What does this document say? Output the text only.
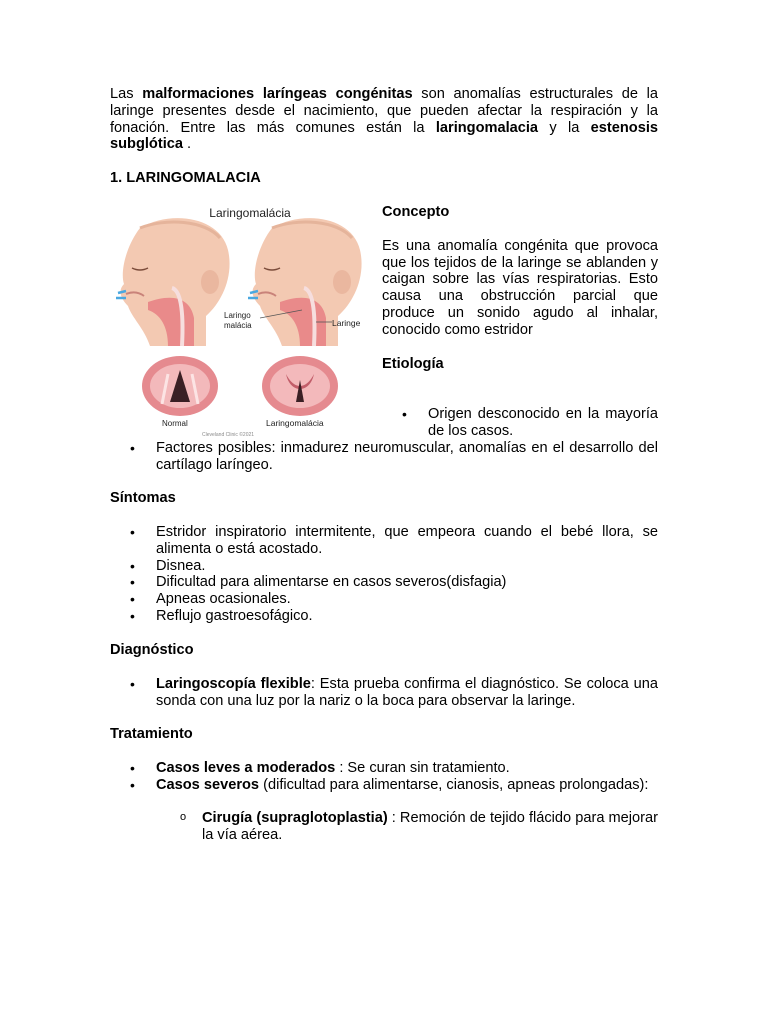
Las malformaciones laríngeas congénitas son anomalías estructurales de la laringe presentes desde el nacimiento, que pueden afectar la respiración y la fonación. Entre las más comunes están la laringomalacia y la estenosis subglótica .

1. LARINGOMALACIA
Laringomalácia
Laringo malácia	Laringe
Normal	Laringomalácia
Cleveland Clinic ©2021

Concepto

Es una anomalía congénita que provoca que los tejidos de la laringe se ablanden y caigan sobre las vías respiratorias. Esto causa una obstrucción parcial que produce un sonido agudo al inhalar, conocido como estridor

Etiología

• Origen desconocido en la mayoría de los casos.
• Factores posibles: inmadurez neuromuscular, anomalías en el desarrollo del cartílago laríngeo.
Síntomas
• Estridor inspiratorio intermitente, que empeora cuando el bebé llora, se alimenta o está acostado.
• Disnea.
• Dificultad para alimentarse en casos severos(disfagia)
• Apneas ocasionales.
• Reflujo gastroesofágico.
Diagnóstico
• Laringoscopía flexible: Esta prueba confirma el diagnóstico. Se coloca una sonda con una luz por la nariz o la boca para observar la laringe.
Tratamiento
• Casos leves a moderados : Se curan sin tratamiento.
• Casos severos (dificultad para alimentarse, cianosis, apneas prolongadas):
o Cirugía (supraglotoplastia) : Remoción de tejido flácido para mejorar la vía aérea.
